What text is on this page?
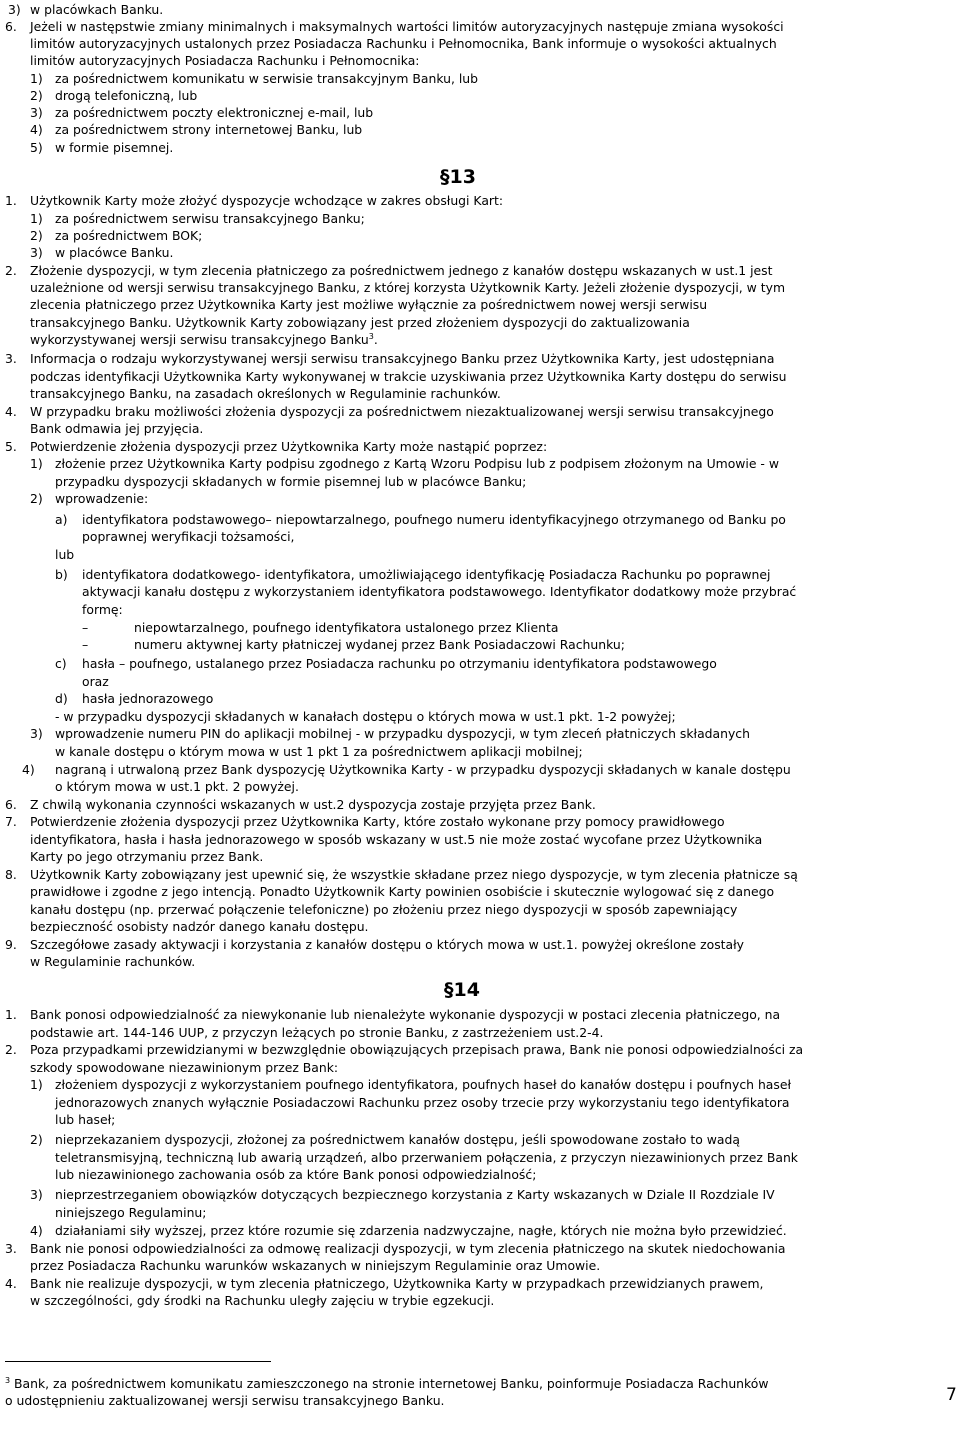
3) w placówkach Banku.
6. Jeżeli w następstwie zmiany minimalnych i maksymalnych wartości limitów autoryzacyjnych następuje zmiana wysokości
limitów autoryzacyjnych ustalonych przez Posiadacza Rachunku i Pełnomocnika, Bank informuje o wysokości aktualnych
limitów autoryzacyjnych Posiadacza Rachunku i Pełnomocnika:
1) za pośrednictwem komunikatu w serwisie transakcyjnym Banku, lub
2) drogą telefoniczną, lub
3) za pośrednictwem poczty elektronicznej e-mail, lub
4) za pośrednictwem strony internetowej Banku, lub
5) w formie pisemnej.
§13
1. Użytkownik Karty może złożyć dyspozycje wchodzące w zakres obsługi Kart:
1) za pośrednictwem serwisu transakcyjnego Banku;
2) za pośrednictwem BOK;
3) w placówce Banku.
2. Złożenie dyspozycji, w tym zlecenia płatniczego za pośrednictwem jednego z kanałów dostępu wskazanych w ust.1 jest
uzależnione od wersji serwisu transakcyjnego Banku, z której korzysta Użytkownik Karty. Jeżeli złożenie dyspozycji, w tym
zlecenia płatniczego przez Użytkownika Karty jest możliwe wyłącznie za pośrednictwem nowej wersji serwisu
transakcyjnego Banku. Użytkownik Karty zobowiązany jest przed złożeniem dyspozycji do zaktualizowania
wykorzystywanej wersji serwisu transakcyjnego Banku$^3$.
3. Informacja o rodzaju wykorzystywanej wersji serwisu transakcyjnego Banku przez Użytkownika Karty, jest udostępniana
podczas identyfikacji Użytkownika Karty wykonywanej w trakcie uzyskiwania przez Użytkownika Karty dostępu do serwisu
transakcyjnego Banku, na zasadach określonych w Regulaminie rachunków.
4. W przypadku braku możliwości złożenia dyspozycji za pośrednictwem niezaktualizowanej wersji serwisu transakcyjnego
Bank odmawia jej przyjęcia.
5. Potwierdzenie złożenia dyspozycji przez Użytkownika Karty może nastąpić poprzez:
1) złożenie przez Użytkownika Karty podpisu zgodnego z Kartą Wzoru Podpisu lub z podpisem złożonym na Umowie - w
przypadku dyspozycji składanych w formie pisemnej lub w placówce Banku;
2) wprowadzenie:
a) identyfikatora podstawowego– niepowtarzalnego, poufnego numeru identyfikacyjnego otrzymanego od Banku po
poprawnej weryfikacji tożsamości,
lub
b) identyfikatora dodatkowego- identyfikatora, umożliwiającego identyfikację Posiadacza Rachunku po poprawnej
aktywacji kanału dostępu z wykorzystaniem identyfikatora podstawowego. Identyfikator dodatkowy może przybrać
formę:
–	niepowtarzalnego, poufnego identyfikatora ustalonego przez Klienta
–	numeru aktywnej karty płatniczej wydanej przez Bank Posiadaczowi Rachunku;
c) hasła – poufnego, ustalanego przez Posiadacza rachunku po otrzymaniu identyfikatora podstawowego
oraz
d) hasła jednorazowego
- w przypadku dyspozycji składanych w kanałach dostępu o których mowa w ust.1 pkt. 1-2 powyżej;
3) wprowadzenie numeru PIN do aplikacji mobilnej - w przypadku dyspozycji, w tym zleceń płatniczych składanych
w kanale dostępu o którym mowa w ust 1 pkt 1 za pośrednictwem aplikacji mobilnej;
4) nagraną i utrwaloną przez Bank dyspozycję Użytkownika Karty - w przypadku dyspozycji składanych w kanale dostępu
o którym mowa w ust.1 pkt. 2 powyżej.
6. Z chwilą wykonania czynności wskazanych w ust.2 dyspozycja zostaje przyjęta przez Bank.
7. Potwierdzenie złożenia dyspozycji przez Użytkownika Karty, które zostało wykonane przy pomocy prawidłowego
identyfikatora, hasła i hasła jednorazowego w sposób wskazany w ust.5 nie może zostać wycofane przez Użytkownika
Karty po jego otrzymaniu przez Bank.
8. Użytkownik Karty zobowiązany jest upewnić się, że wszystkie składane przez niego dyspozycje, w tym zlecenia płatnicze są
prawidłowe i zgodne z jego intencją. Ponadto Użytkownik Karty powinien osobiście i skutecznie wylogować się z danego
kanału dostępu (np. przerwać połączenie telefoniczne) po złożeniu przez niego dyspozycji w sposób zapewniający
bezpieczność osobisty nadzór danego kanału dostępu.
9. Szczegółowe zasady aktywacji i korzystania z kanałów dostępu o których mowa w ust.1. powyżej określone zostały
w Regulaminie rachunków.
§14
1. Bank ponosi odpowiedzialność za niewykonanie lub nienależyte wykonanie dyspozycji w postaci zlecenia płatniczego, na
podstawie art. 144-146 UUP, z przyczyn leżących po stronie Banku, z zastrzeżeniem ust.2-4.
2. Poza przypadkami przewidzianymi w bezwzględnie obowiązujących przepisach prawa, Bank nie ponosi odpowiedzialności za
szkody spowodowane niezawinionym przez Bank:
1) złożeniem dyspozycji z wykorzystaniem poufnego identyfikatora, poufnych haseł do kanałów dostępu i poufnych haseł
jednorazowych znanych wyłącznie Posiadaczowi Rachunku przez osoby trzecie przy wykorzystaniu tego identyfikatora
lub haseł;
2) nieprzekazaniem dyspozycji, złożonej za pośrednictwem kanałów dostępu, jeśli spowodowane zostało to wadą
teletransmisyjną, techniczną lub awarią urządzeń, albo przerwaniem połączenia, z przyczyn niezawinionych przez Bank
lub niezawinionego zachowania osób za które Bank ponosi odpowiedzialność;
3) nieprzestrzeganiem obowiązków dotyczących bezpiecznego korzystania z Karty wskazanych w Dziale II Rozdziale IV
niniejszego Regulaminu;
4) działaniami siły wyższej, przez które rozumie się zdarzenia nadzwyczajne, nagłe, których nie można było przewidzieć.
3. Bank nie ponosi odpowiedzialności za odmowę realizacji dyspozycji, w tym zlecenia płatniczego na skutek niedochowania
przez Posiadacza Rachunku warunków wskazanych w niniejszym Regulaminie oraz Umowie.
4. Bank nie realizuje dyspozycji, w tym zlecenia płatniczego, Użytkownika Karty w przypadkach przewidzianych prawem,
w szczególności, gdy środki na Rachunku uległy zajęciu w trybie egzekucji.
$^3$ Bank, za pośrednictwem komunikatu zamieszczonego na stronie internetowej Banku, poinformuje Posiadacza Rachunków
o udostępnieniu zaktualizowanej wersji serwisu transakcyjnego Banku.	7
